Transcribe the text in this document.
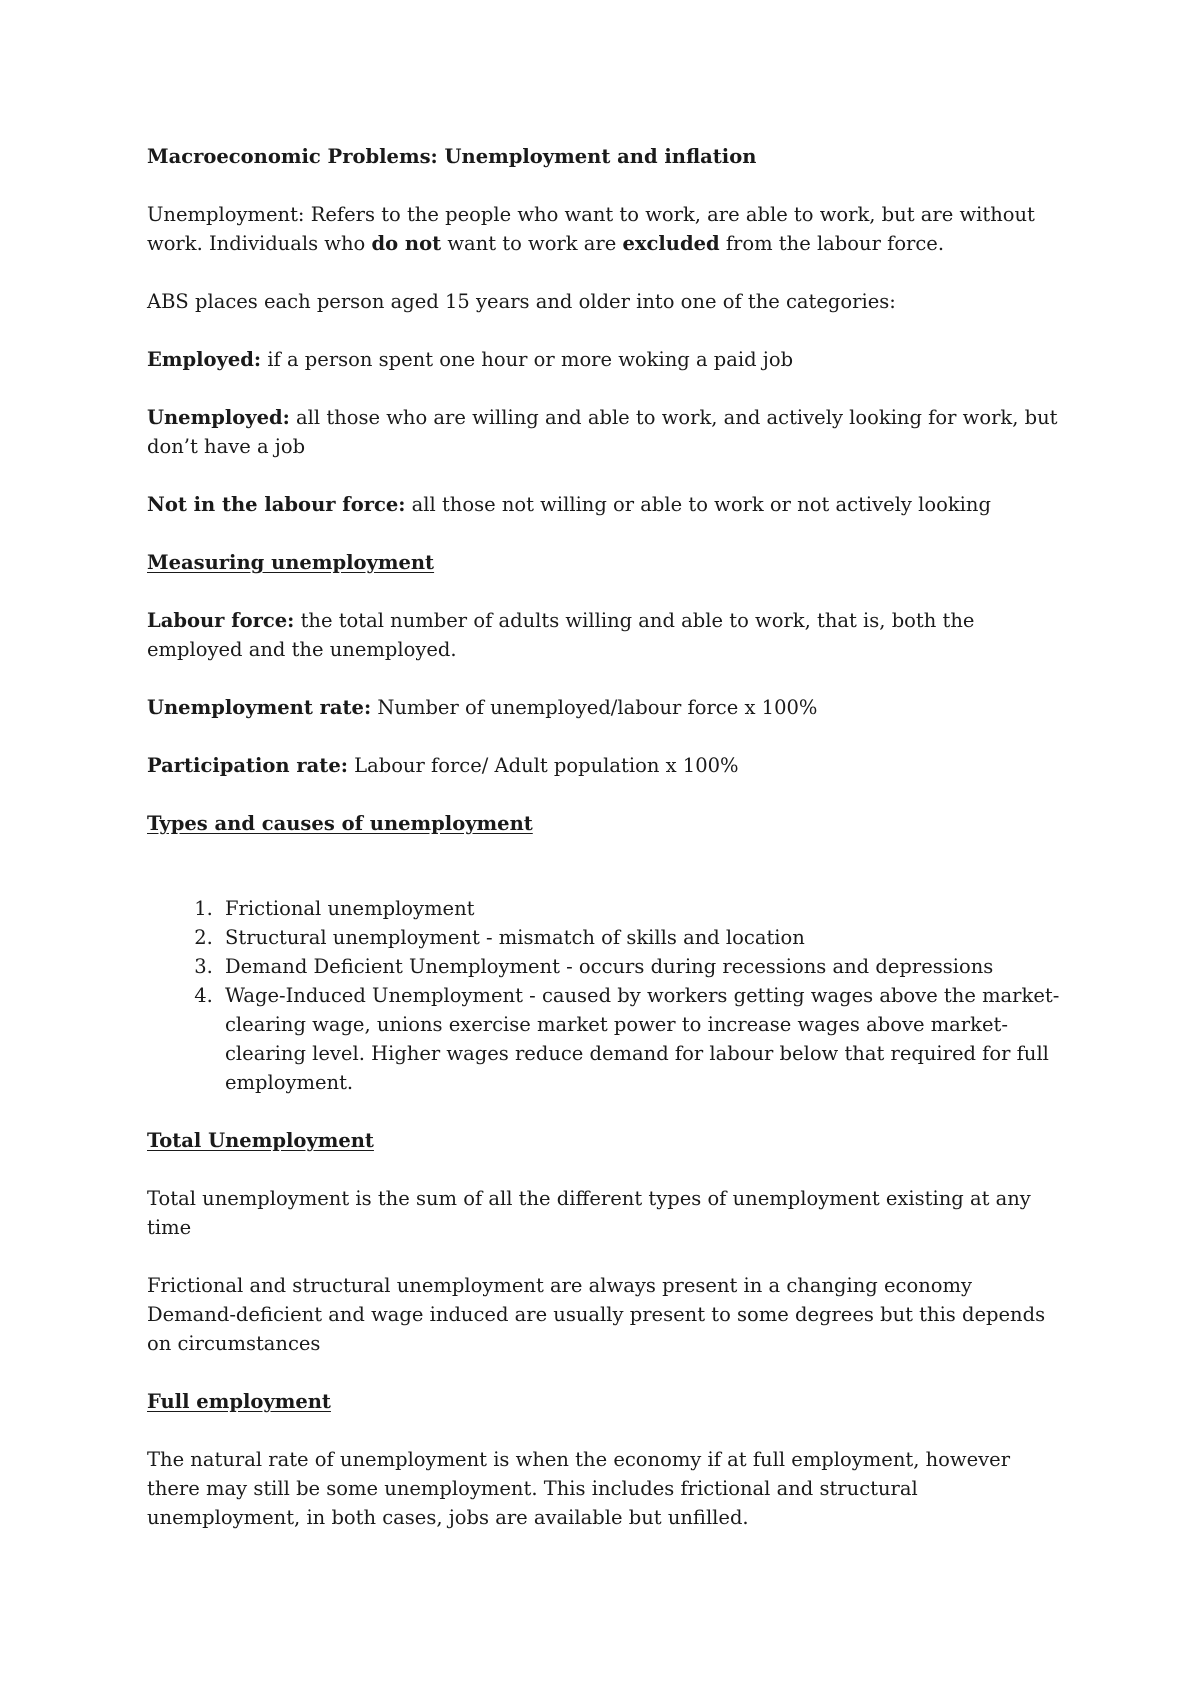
Macroeconomic Problems: Unemployment and inflation

Unemployment: Refers to the people who want to work, are able to work, but are without work. Individuals who do not want to work are excluded from the labour force.

ABS places each person aged 15 years and older into one of the categories:

Employed: if a person spent one hour or more woking a paid job

Unemployed: all those who are willing and able to work, and actively looking for work, but don’t have a job

Not in the labour force: all those not willing or able to work or not actively looking

Measuring unemployment

Labour force: the total number of adults willing and able to work, that is, both the employed and the unemployed.

Unemployment rate: Number of unemployed/labour force x 100%

Participation rate: Labour force/ Adult population x 100%

Types and causes of unemployment

1. Frictional unemployment
2. Structural unemployment - mismatch of skills and location
3. Demand Deficient Unemployment - occurs during recessions and depressions
4. Wage-Induced Unemployment - caused by workers getting wages above the market-clearing wage, unions exercise market power to increase wages above market-clearing level. Higher wages reduce demand for labour below that required for full employment.

Total Unemployment

Total unemployment is the sum of all the different types of unemployment existing at any time

Frictional and structural unemployment are always present in a changing economy

Demand-deficient and wage induced are usually present to some degrees but this depends on circumstances

Full employment

The natural rate of unemployment is when the economy if at full employment, however there may still be some unemployment. This includes frictional and structural unemployment, in both cases, jobs are available but unfilled.
